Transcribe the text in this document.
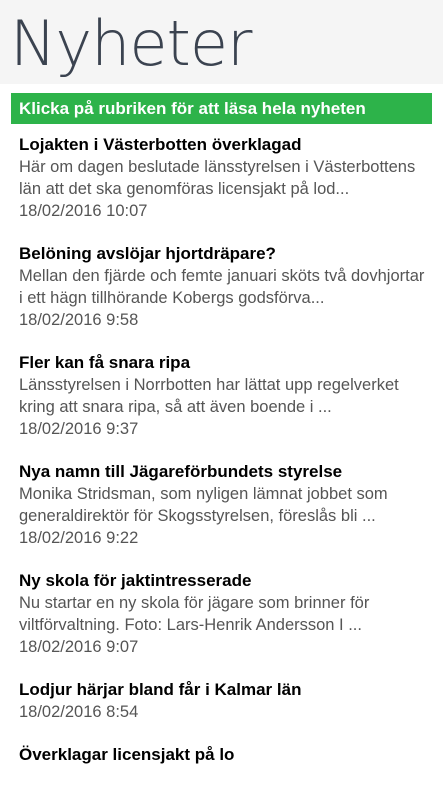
Nyheter
Klicka på rubriken för att läsa hela nyheten
Lojakten i Västerbotten överklagad
Här om dagen beslutade länsstyrelsen i Västerbottens
län att det ska genomföras licensjakt på lod...
18/02/2016 10:07
Belöning avslöjar hjortdräpare?
Mellan den fjärde och femte januari sköts två dovhjortar
i ett hägn tillhörande Kobergs godsförva...
18/02/2016 9:58
Fler kan få snara ripa
Länsstyrelsen i Norrbotten har lättat upp regelverket
kring att snara ripa, så att även boende i ...
18/02/2016 9:37
Nya namn till Jägareförbundets styrelse
Monika Stridsman, som nyligen lämnat jobbet som
generaldirektör för Skogsstyrelsen, föreslås bli ...
18/02/2016 9:22
Ny skola för jaktintresserade
Nu startar en ny skola för jägare som brinner för
viltförvaltning. Foto: Lars-Henrik Andersson I ...
18/02/2016 9:07
Lodjur härjar bland får i Kalmar län
18/02/2016 8:54
Överklagar licensjakt på lo
